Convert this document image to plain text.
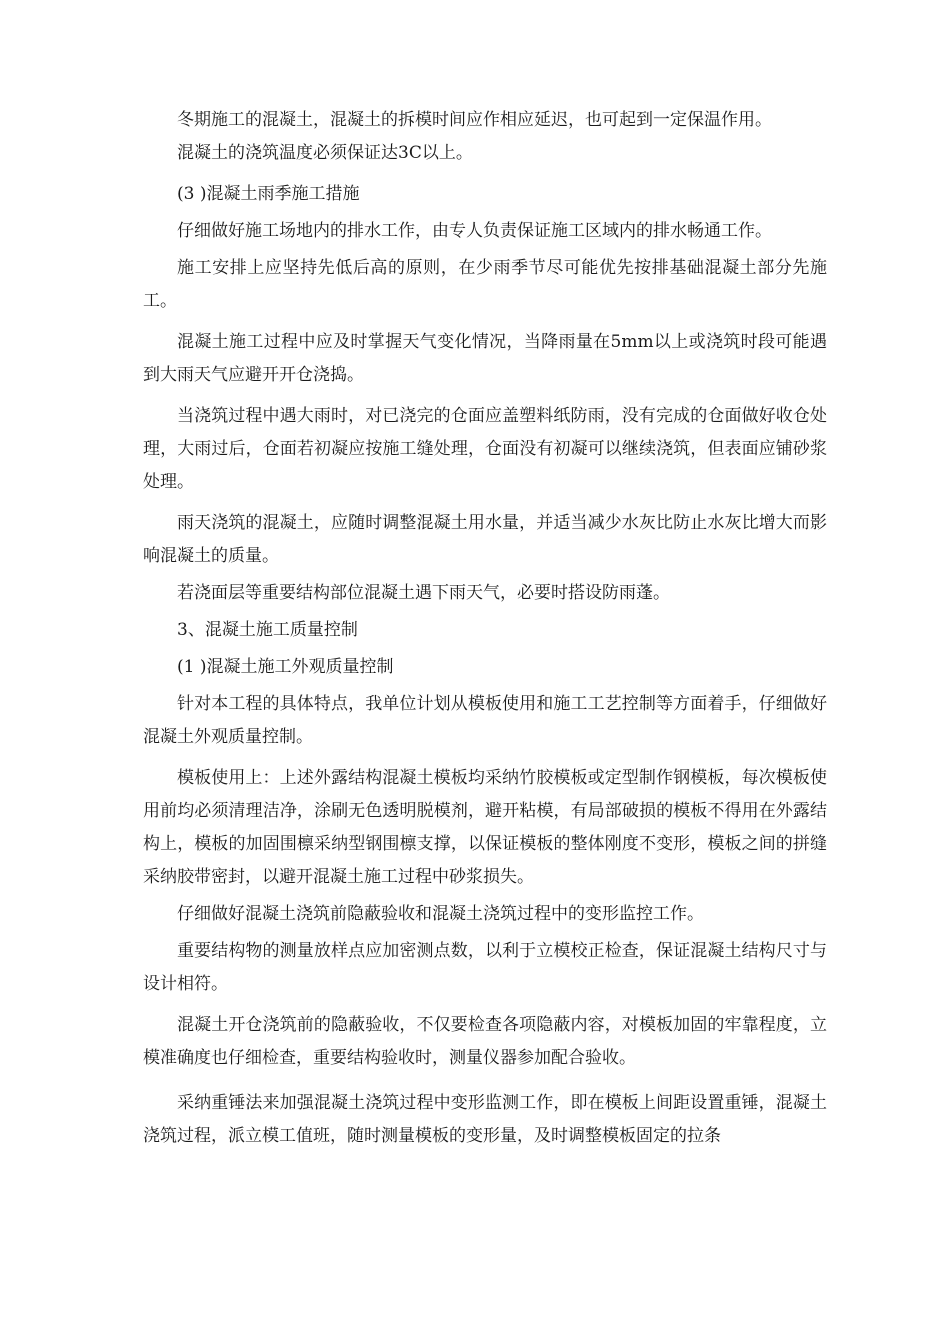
冬期施工的混凝土，混凝土的拆模时间应作相应延迟，也可起到一定保温作用。

混凝土的浇筑温度必须保证达3C以上。

(3 )混凝土雨季施工措施

仔细做好施工场地内的排水工作，由专人负责保证施工区域内的排水畅通工作。

施工安排上应坚持先低后高的原则，在少雨季节尽可能优先按排基础混凝土部分先施工。

混凝土施工过程中应及时掌握天气变化情况，当降雨量在5mm以上或浇筑时段可能遇到大雨天气应避开开仓浇捣。

当浇筑过程中遇大雨时，对已浇完的仓面应盖塑料纸防雨，没有完成的仓面做好收仓处理，大雨过后，仓面若初凝应按施工缝处理，仓面没有初凝可以继续浇筑，但表面应铺砂浆处理。

雨天浇筑的混凝土，应随时调整混凝土用水量，并适当减少水灰比防止水灰比增大而影响混凝土的质量。

若浇面层等重要结构部位混凝土遇下雨天气，必要时搭设防雨蓬。

3、混凝土施工质量控制

(1 )混凝土施工外观质量控制

针对本工程的具体特点，我单位计划从模板使用和施工工艺控制等方面着手，仔细做好混凝土外观质量控制。

模板使用上：上述外露结构混凝土模板均采纳竹胶模板或定型制作钢模板，每次模板使用前均必须清理洁净，涂刷无色透明脱模剂，避开粘模，有局部破损的模板不得用在外露结构上，模板的加固围檩采纳型钢围檩支撑，以保证模板的整体刚度不变形，模板之间的拼缝采纳胶带密封，以避开混凝土施工过程中砂浆损失。

仔细做好混凝土浇筑前隐蔽验收和混凝土浇筑过程中的变形监控工作。

重要结构物的测量放样点应加密测点数，以利于立模校正检查，保证混凝土结构尺寸与设计相符。

混凝土开仓浇筑前的隐蔽验收，不仅要检查各项隐蔽内容，对模板加固的牢靠程度，立模准确度也仔细检查，重要结构验收时，测量仪器参加配合验收。

采纳重锤法来加强混凝土浇筑过程中变形监测工作，即在模板上间距设置重锤，混凝土浇筑过程，派立模工值班，随时测量模板的变形量，及时调整模板固定的拉条
